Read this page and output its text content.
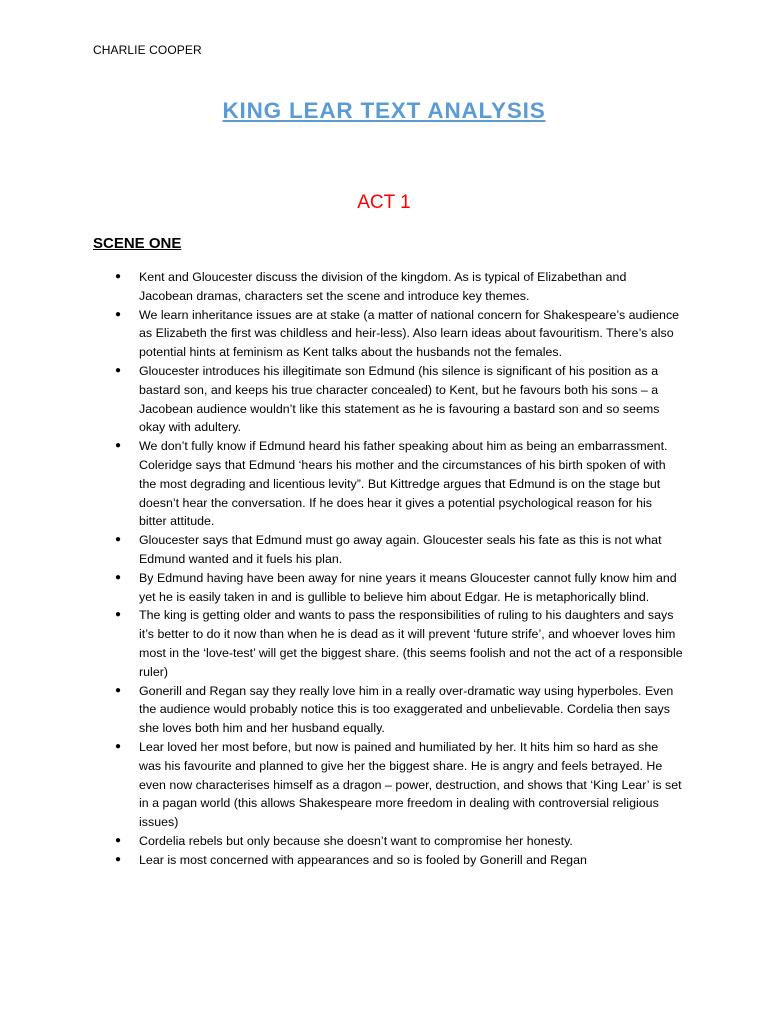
CHARLIE COOPER
KING LEAR TEXT ANALYSIS
ACT 1
SCENE ONE
● Kent and Gloucester discuss the division of the kingdom. As is typical of Elizabethan and Jacobean dramas, characters set the scene and introduce key themes.
● We learn inheritance issues are at stake (a matter of national concern for Shakespeare’s audience as Elizabeth the first was childless and heir-less). Also learn ideas about favouritism. There’s also potential hints at feminism as Kent talks about the husbands not the females.
● Gloucester introduces his illegitimate son Edmund (his silence is significant of his position as a bastard son, and keeps his true character concealed) to Kent, but he favours both his sons – a Jacobean audience wouldn’t like this statement as he is favouring a bastard son and so seems okay with adultery.
● We don’t fully know if Edmund heard his father speaking about him as being an embarrassment. Coleridge says that Edmund ‘hears his mother and the circumstances of his birth spoken of with the most degrading and licentious levity”. But Kittredge argues that Edmund is on the stage but doesn’t hear the conversation. If he does hear it gives a potential psychological reason for his bitter attitude.
● Gloucester says that Edmund must go away again. Gloucester seals his fate as this is not what Edmund wanted and it fuels his plan.
● By Edmund having have been away for nine years it means Gloucester cannot fully know him and yet he is easily taken in and is gullible to believe him about Edgar. He is metaphorically blind.
● The king is getting older and wants to pass the responsibilities of ruling to his daughters and says it’s better to do it now than when he is dead as it will prevent ‘future strife’, and whoever loves him most in the ‘love-test’ will get the biggest share. (this seems foolish and not the act of a responsible ruler)
● Gonerill and Regan say they really love him in a really over-dramatic way using hyperboles. Even the audience would probably notice this is too exaggerated and unbelievable. Cordelia then says she loves both him and her husband equally.
● Lear loved her most before, but now is pained and humiliated by her. It hits him so hard as she was his favourite and planned to give her the biggest share. He is angry and feels betrayed. He even now characterises himself as a dragon – power, destruction, and shows that ‘King Lear’ is set in a pagan world (this allows Shakespeare more freedom in dealing with controversial religious issues)
● Cordelia rebels but only because she doesn’t want to compromise her honesty.
● Lear is most concerned with appearances and so is fooled by Gonerill and Regan
